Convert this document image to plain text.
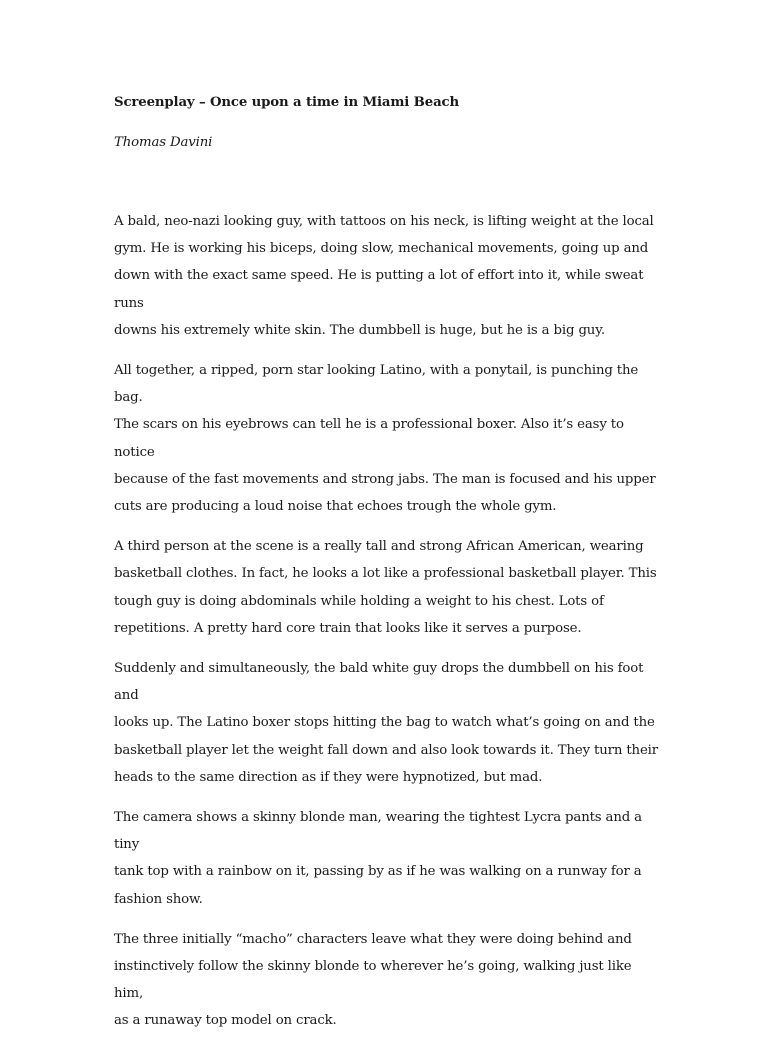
Screenplay – Once upon a time in Miami Beach

Thomas Davini

A bald, neo-nazi looking guy, with tattoos on his neck, is lifting weight at the local
gym. He is working his biceps, doing slow, mechanical movements, going up and
down with the exact same speed. He is putting a lot of effort into it, while sweat runs
downs his extremely white skin. The dumbbell is huge, but he is a big guy.
All together, a ripped, porn star looking Latino, with a ponytail, is punching the bag.
The scars on his eyebrows can tell he is a professional boxer. Also it’s easy to notice
because of the fast movements and strong jabs. The man is focused and his upper
cuts are producing a loud noise that echoes trough the whole gym.
A third person at the scene is a really tall and strong African American, wearing
basketball clothes. In fact, he looks a lot like a professional basketball player. This
tough guy is doing abdominals while holding a weight to his chest. Lots of
repetitions. A pretty hard core train that looks like it serves a purpose.
Suddenly and simultaneously, the bald white guy drops the dumbbell on his foot and
looks up. The Latino boxer stops hitting the bag to watch what’s going on and the
basketball player let the weight fall down and also look towards it. They turn their
heads to the same direction as if they were hypnotized, but mad.
The camera shows a skinny blonde man, wearing the tightest Lycra pants and a tiny
tank top with a rainbow on it, passing by as if he was walking on a runway for a
fashion show.
The three initially “macho” characters leave what they were doing behind and
instinctively follow the skinny blonde to wherever he’s going, walking just like him,
as a runaway top model on crack.
